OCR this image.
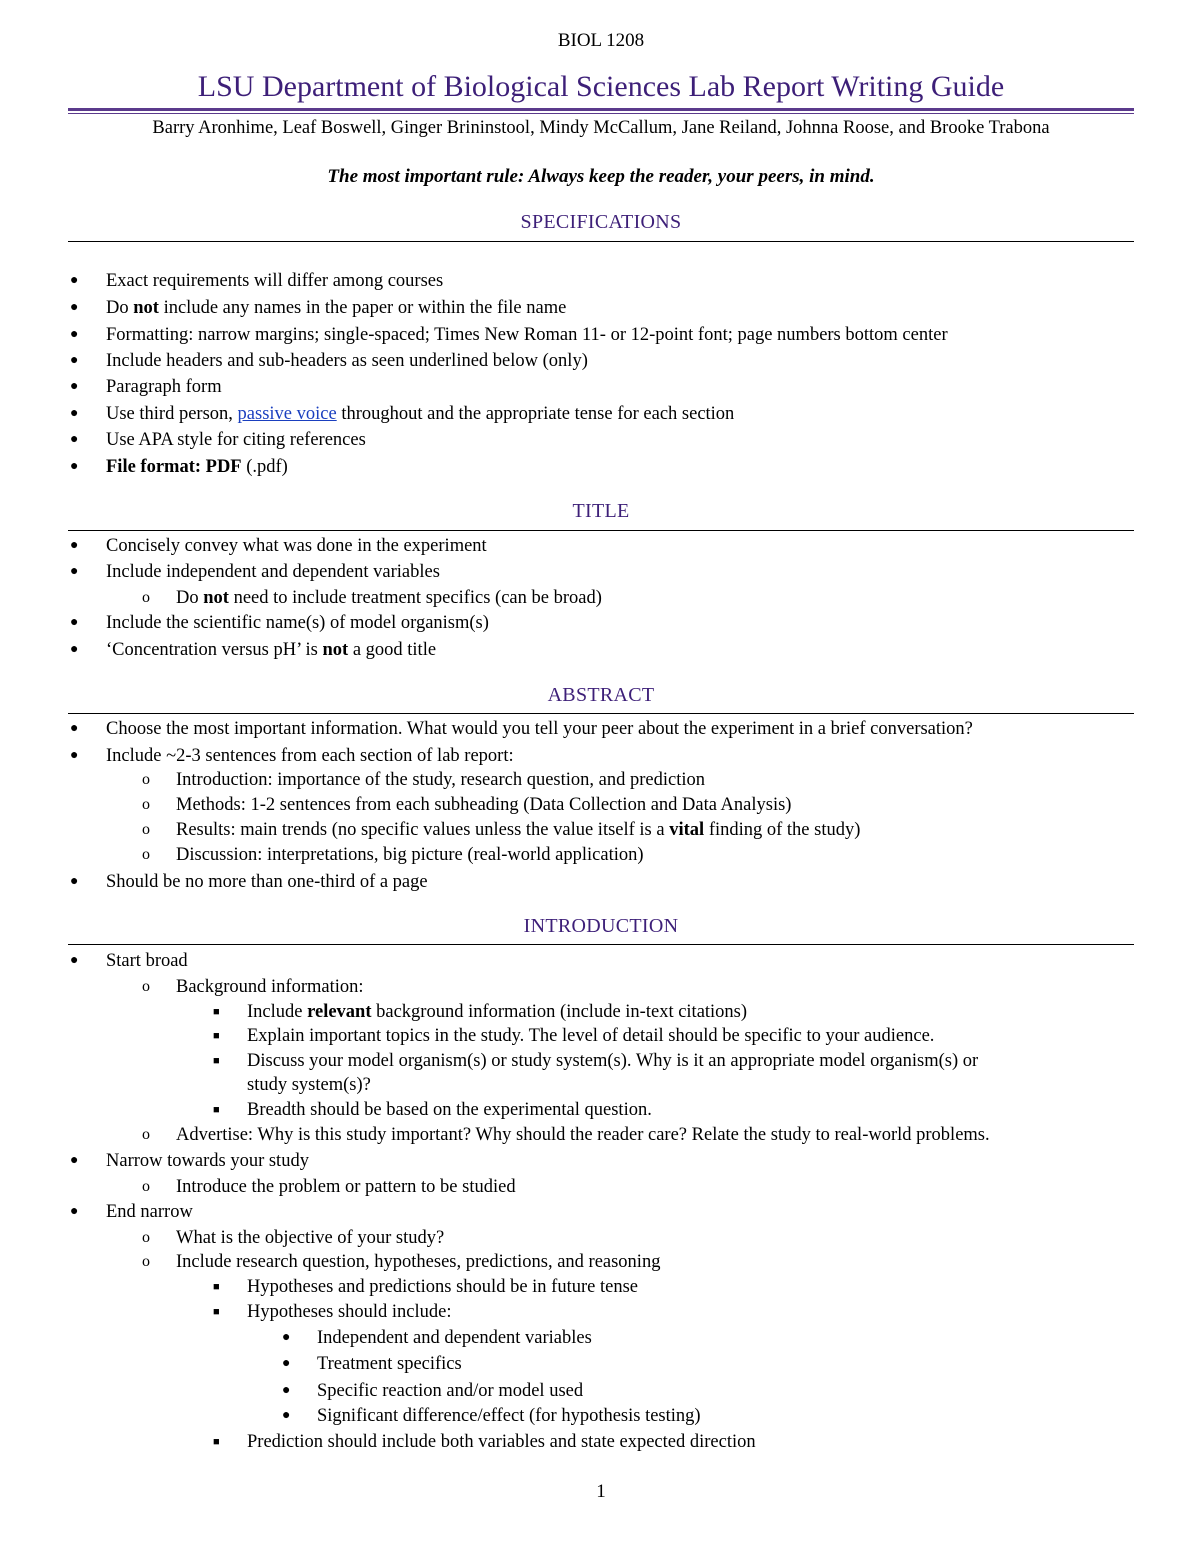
BIOL 1208
LSU Department of Biological Sciences Lab Report Writing Guide
Barry Aronhime, Leaf Boswell, Ginger Brininstool, Mindy McCallum, Jane Reiland, Johnna Roose, and Brooke Trabona
The most important rule: Always keep the reader, your peers, in mind.
SPECIFICATIONS
● Exact requirements will differ among courses
● Do not include any names in the paper or within the file name
● Formatting: narrow margins; single-spaced; Times New Roman 11- or 12-point font; page numbers bottom center
● Include headers and sub-headers as seen underlined below (only)
● Paragraph form
● Use third person, passive voice throughout and the appropriate tense for each section
● Use APA style for citing references
● File format: PDF (.pdf)
TITLE
● Concisely convey what was done in the experiment
● Include independent and dependent variables
o Do not need to include treatment specifics (can be broad)
● Include the scientific name(s) of model organism(s)
● ‘Concentration versus pH’ is not a good title
ABSTRACT
● Choose the most important information. What would you tell your peer about the experiment in a brief conversation?
● Include ~2-3 sentences from each section of lab report:
o Introduction: importance of the study, research question, and prediction
o Methods: 1-2 sentences from each subheading (Data Collection and Data Analysis)
o Results: main trends (no specific values unless the value itself is a vital finding of the study)
o Discussion: interpretations, big picture (real-world application)
● Should be no more than one-third of a page
INTRODUCTION
● Start broad
o Background information:
■ Include relevant background information (include in-text citations)
■ Explain important topics in the study. The level of detail should be specific to your audience.
■ Discuss your model organism(s) or study system(s). Why is it an appropriate model organism(s) or
study system(s)?
■ Breadth should be based on the experimental question.
o Advertise: Why is this study important? Why should the reader care? Relate the study to real-world problems.
● Narrow towards your study
o Introduce the problem or pattern to be studied
● End narrow
o What is the objective of your study?
o Include research question, hypotheses, predictions, and reasoning
■ Hypotheses and predictions should be in future tense
■ Hypotheses should include:
● Independent and dependent variables
● Treatment specifics
● Specific reaction and/or model used
● Significant difference/effect (for hypothesis testing)
■ Prediction should include both variables and state expected direction
1
